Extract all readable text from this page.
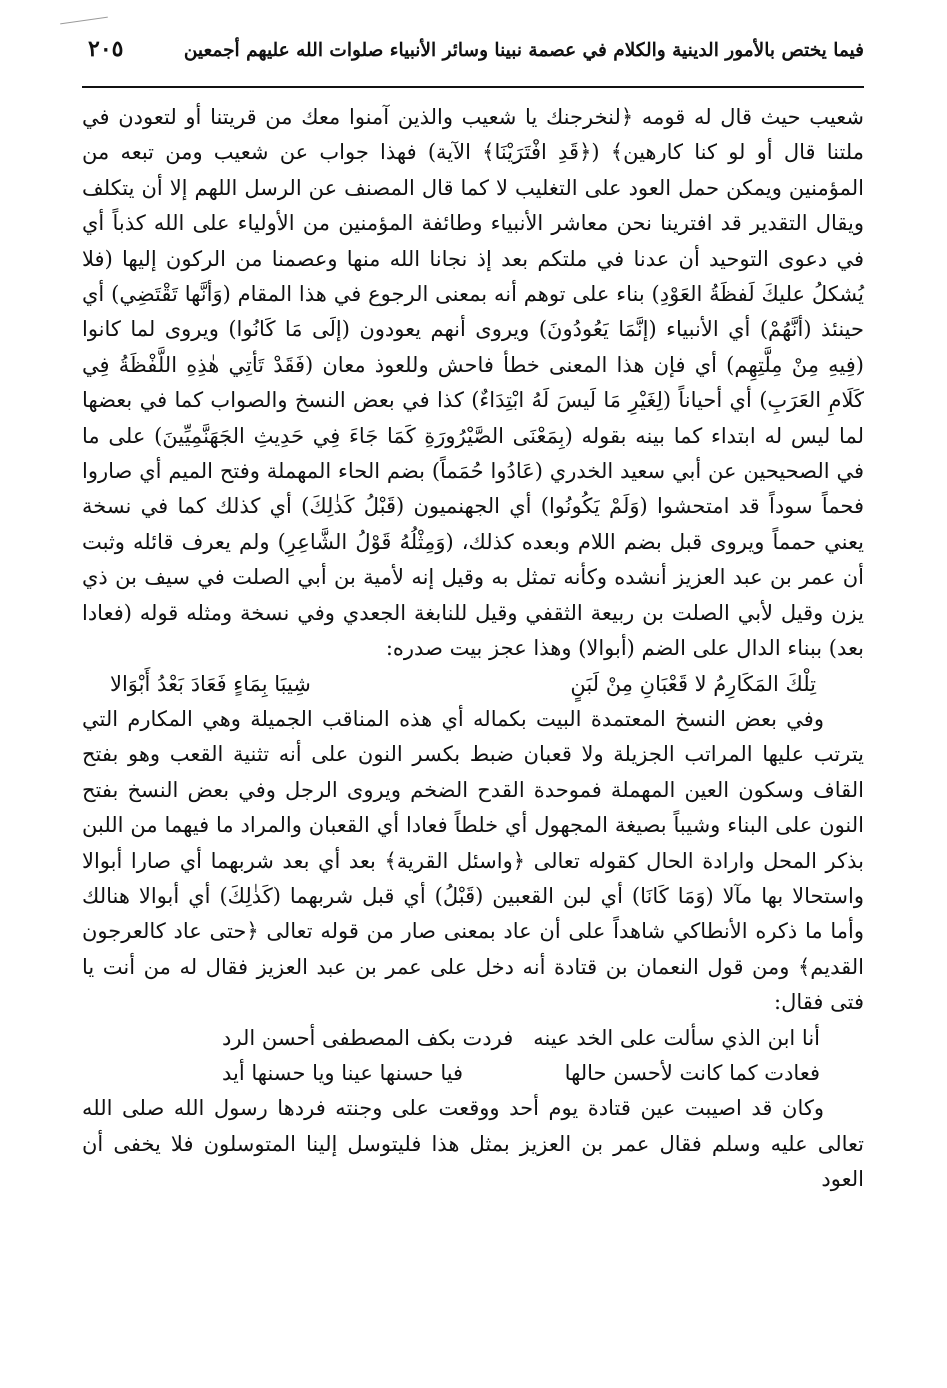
فيما يختص بالأمور الدينية والكلام في عصمة نبينا وسائر الأنبياء صلوات الله عليهم أجمعين
٢٠٥

شعيب حيث قال له قومه ﴿لنخرجنك يا شعيب والذين آمنوا معك من قريتنا أو لتعودن في ملتنا قال أو لو كنا كارهين﴾ (﴿قَدِ افْتَرَيْنَا﴾ الآية) فهذا جواب عن شعيب ومن تبعه من المؤمنين ويمكن حمل العود على التغليب لا كما قال المصنف عن الرسل اللهم إلا أن يتكلف ويقال التقدير قد افترينا نحن معاشر الأنبياء وطائفة المؤمنين من الأولياء على الله كذباً أي في دعوى التوحيد أن عدنا في ملتكم بعد إذ نجانا الله منها وعصمنا من الركون إليها (فلا يُشكلُ عليكَ لَفظَةُ العَوْدِ) بناء على توهم أنه بمعنى الرجوع في هذا المقام (وَأنَّها تَقْتَضِي) أي حينئذ (أنَّهُمْ) أي الأنبياء (إنَّمَا يَعُودُونَ) ويروى أنهم يعودون (إلَى مَا كَانُوا) ويروى لما كانوا (فِيهِ مِنْ مِلَّتِهِم) أي فإن هذا المعنى خطأ فاحش وللعوذ معان (فَقَدْ تَأتِي هٰذِهِ اللَّفْظَةُ فِي كَلَامِ العَرَبِ) أي أحياناً (لِغَيْرِ مَا لَيسَ لَهُ ابْتِدَاءٌ) كذا في بعض النسخ والصواب كما في بعضها لما ليس له ابتداء كما بينه بقوله (بِمَعْنَى الصَّيْرُورَةِ كَمَا جَاءَ فِي حَدِيثِ الجَهَنَّمِيِّينَ) على ما في الصحيحين عن أبي سعيد الخدري (عَادُوا حُمَماً) بضم الحاء المهملة وفتح الميم أي صاروا فحماً سوداً قد امتحشوا (وَلَمْ يَكُونُوا) أي الجهنميون (قَبْلُ كَذٰلِكَ) أي كذلك كما في نسخة يعني حمماً ويروى قبل بضم اللام وبعده كذلك، (وَمِثْلُهُ قَوْلُ الشَّاعِرِ) ولم يعرف قائله وثبت أن عمر بن عبد العزيز أنشده وكأنه تمثل به وقيل إنه لأمية بن أبي الصلت في سيف بن ذي يزن وقيل لأبي الصلت بن ربيعة الثقفي وقيل للنابغة الجعدي وفي نسخة ومثله قوله (فعادا بعد) ببناء الدال على الضم (أبوالا) وهذا عجز بيت صدره:

تِلْكَ المَكَارِمُ لا قَعْبَانِ مِنْ لَبَنٍ
شِيبَا بِمَاءٍ فَعَادَ بَعْدُ أَبْوَالا

وفي بعض النسخ المعتمدة البيت بكماله أي هذه المناقب الجميلة وهي المكارم التي يترتب عليها المراتب الجزيلة ولا قعبان ضبط بكسر النون على أنه تثنية القعب وهو بفتح القاف وسكون العين المهملة فموحدة القدح الضخم ويروى الرجل وفي بعض النسخ بفتح النون على البناء وشيباً بصيغة المجهول أي خلطاً فعادا أي القعبان والمراد ما فيهما من اللبن بذكر المحل وارادة الحال كقوله تعالى ﴿واسئل القرية﴾ بعد أي بعد شربهما أي صارا أبوالا واستحالا بها مآلا (وَمَا كَانَا) أي لبن القعبين (قَبْلُ) أي قبل شربهما (كَذٰلِكَ) أي أبوالا هنالك وأما ما ذكره الأنطاكي شاهداً على أن عاد بمعنى صار من قوله تعالى ﴿حتى عاد كالعرجون القديم﴾ ومن قول النعمان بن قتادة أنه دخل على عمر بن عبد العزيز فقال له من أنت يا فتى فقال:

أنا ابن الذي سألت على الخد عينه
فردت بكف المصطفى أحسن الرد
فعادت كما كانت لأحسن حالها
فيا حسنها عينا ويا حسنها أيد

وكان قد اصيبت عين قتادة يوم أحد ووقعت على وجنته فردها رسول الله صلى الله تعالى عليه وسلم فقال عمر بن العزيز بمثل هذا فليتوسل إلينا المتوسلون فلا يخفى أن العود
